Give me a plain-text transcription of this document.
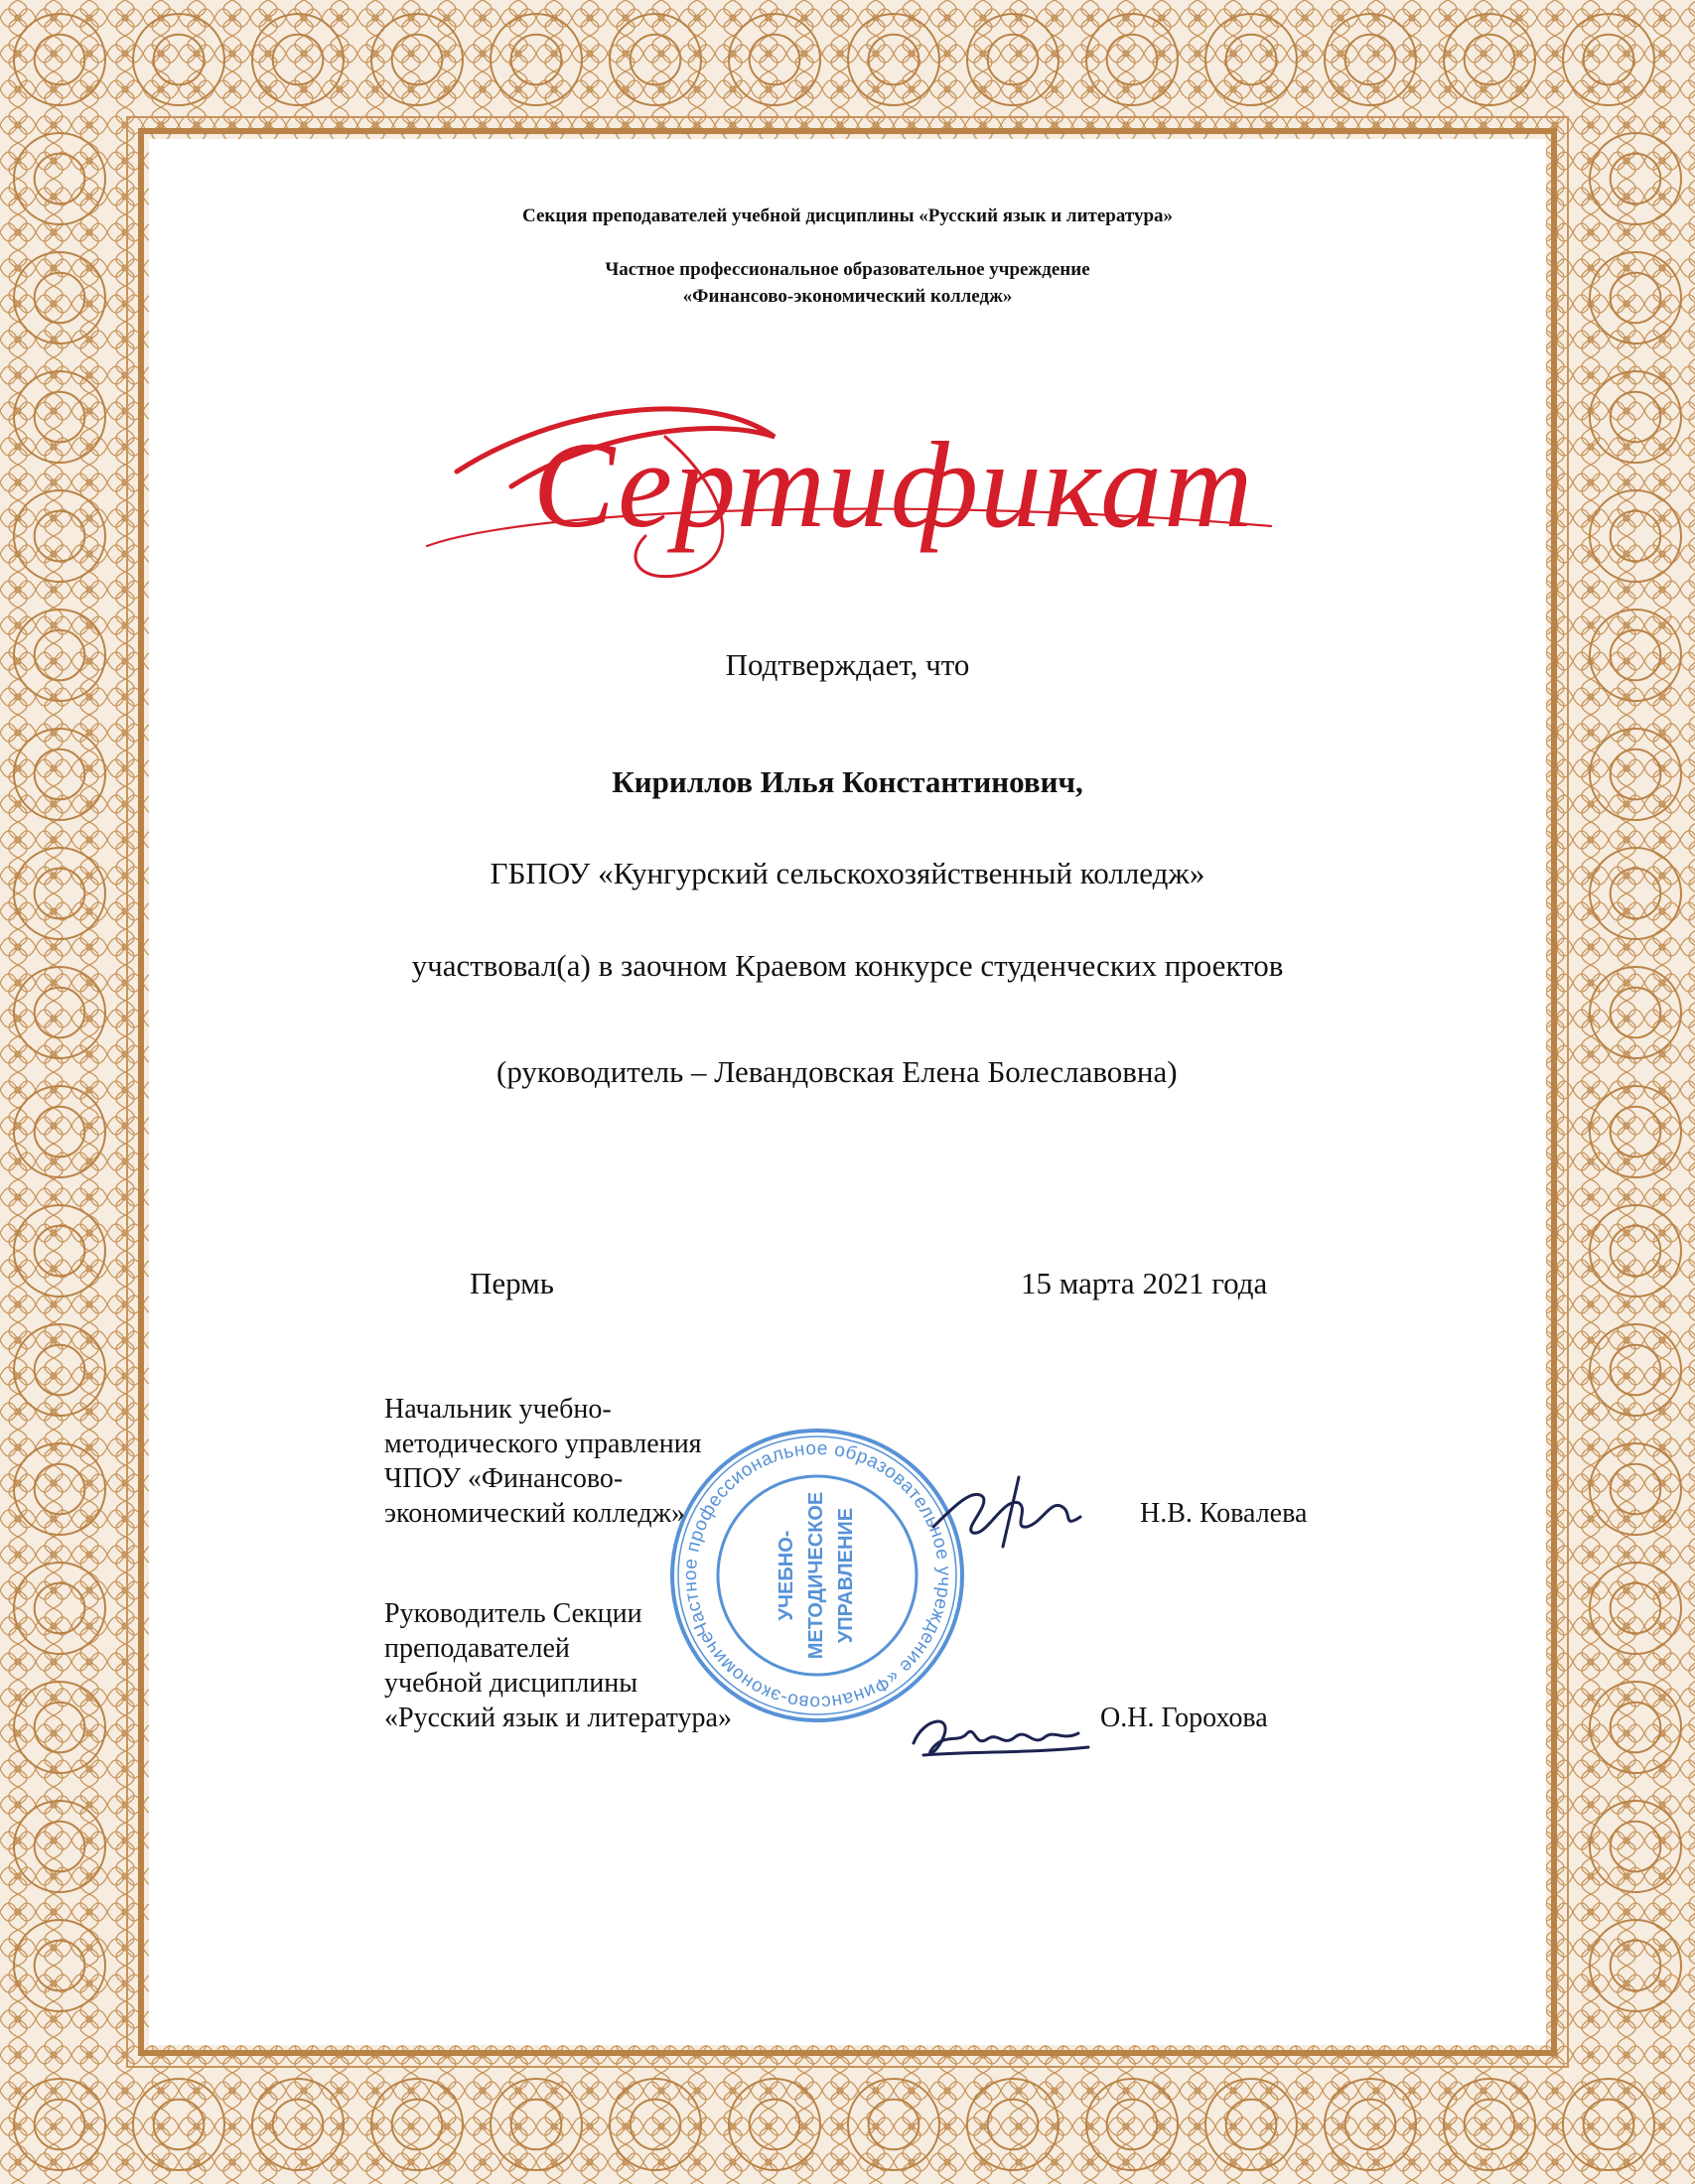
Секция преподавателей учебной дисциплины «Русский язык и литература»
Частное профессиональное образовательное учреждение
«Финансово-экономический колледж»
Сертификат
Подтверждает, что
Кириллов Илья Константинович,
ГБПОУ «Кунгурский сельскохозяйственный колледж»
участвовал(а) в заочном Краевом конкурсе студенческих проектов
(руководитель – Левандовская Елена Болеславовна)
Пермь	15 марта 2021 года
Начальник учебно-
методического управления
ЧПОУ «Финансово-
экономический колледж»	Н.В. Ковалева
Руководитель Секции
преподавателей
учебной дисциплины
«Русский язык и литература»	О.Н. Горохова
Частное профессиональное образовательное учреждение «Финансово-экономический
УЧЕБНО- МЕТОДИЧЕСКОЕ УПРАВЛЕНИЕ
